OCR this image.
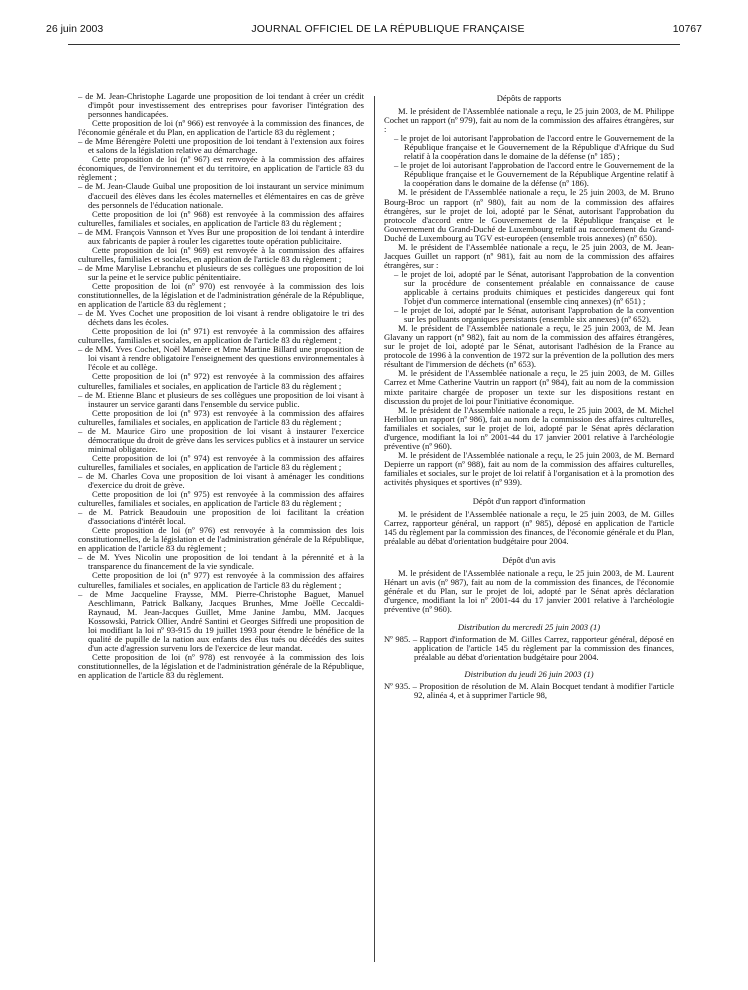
26 juin 2003	JOURNAL OFFICIEL DE LA RÉPUBLIQUE FRANÇAISE	10767

– de M. Jean-Christophe Lagarde une proposition de loi tendant à créer un crédit d'impôt pour investissement des entreprises pour favoriser l'intégration des personnes handicapées.

Cette proposition de loi (nº 966) est renvoyée à la commission des finances, de l'économie générale et du Plan, en application de l'article 83 du règlement ;

– de Mme Bérengère Poletti une proposition de loi tendant à l'extension aux foires et salons de la législation relative au démarchage.

Cette proposition de loi (nº 967) est renvoyée à la commission des affaires économiques, de l'environnement et du territoire, en application de l'article 83 du règlement ;

– de M. Jean-Claude Guibal une proposition de loi instaurant un service minimum d'accueil des élèves dans les écoles maternelles et élémentaires en cas de grève des personnels de l'éducation nationale.

Cette proposition de loi (nº 968) est renvoyée à la commission des affaires culturelles, familiales et sociales, en application de l'article 83 du règlement ;

– de MM. François Vannson et Yves Bur une proposition de loi tendant à interdire aux fabricants de papier à rouler les cigarettes toute opération publicitaire.

Cette proposition de loi (nº 969) est renvoyée à la commission des affaires culturelles, familiales et sociales, en application de l'article 83 du règlement ;

– de Mme Marylise Lebranchu et plusieurs de ses collègues une proposition de loi sur la peine et le service public pénitentiaire.

Cette proposition de loi (nº 970) est renvoyée à la commission des lois constitutionnelles, de la législation et de l'administration générale de la République, en application de l'article 83 du règlement ;

– de M. Yves Cochet une proposition de loi visant à rendre obligatoire le tri des déchets dans les écoles.

Cette proposition de loi (nº 971) est renvoyée à la commission des affaires culturelles, familiales et sociales, en application de l'article 83 du règlement ;

– de MM. Yves Cochet, Noël Mamère et Mme Martine Billard une proposition de loi visant à rendre obligatoire l'enseignement des questions environnementales à l'école et au collège.

Cette proposition de loi (nº 972) est renvoyée à la commission des affaires culturelles, familiales et sociales, en application de l'article 83 du règlement ;

– de M. Etienne Blanc et plusieurs de ses collègues une proposition de loi visant à instaurer un service garanti dans l'ensemble du service public.

Cette proposition de loi (nº 973) est renvoyée à la commission des affaires culturelles, familiales et sociales, en application de l'article 83 du règlement ;

– de M. Maurice Giro une proposition de loi visant à instaurer l'exercice démocratique du droit de grève dans les services publics et à instaurer un service minimal obligatoire.

Cette proposition de loi (nº 974) est renvoyée à la commission des affaires culturelles, familiales et sociales, en application de l'article 83 du règlement ;

– de M. Charles Cova une proposition de loi visant à aménager les conditions d'exercice du droit de grève.

Cette proposition de loi (nº 975) est renvoyée à la commission des affaires culturelles, familiales et sociales, en application de l'article 83 du règlement ;

– de M. Patrick Beaudouin une proposition de loi facilitant la création d'associations d'intérêt local.

Cette proposition de loi (nº 976) est renvoyée à la commission des lois constitutionnelles, de la législation et de l'administration générale de la République, en application de l'article 83 du règlement ;

– de M. Yves Nicolin une proposition de loi tendant à la pérennité et à la transparence du financement de la vie syndicale.

Cette proposition de loi (nº 977) est renvoyée à la commission des affaires culturelles, familiales et sociales, en application de l'article 83 du règlement ;

– de Mme Jacqueline Fraysse, MM. Pierre-Christophe Baguet, Manuel Aeschlimann, Patrick Balkany, Jacques Brunhes, Mme Joëlle Ceccaldi-Raynaud, M. Jean-Jacques Guillet, Mme Janine Jambu, MM. Jacques Kossowski, Patrick Ollier, André Santini et Georges Siffredi une proposition de loi modifiant la loi nº 93-915 du 19 juillet 1993 pour étendre le bénéfice de la qualité de pupille de la nation aux enfants des élus tués ou décédés des suites d'un acte d'agression survenu lors de l'exercice de leur mandat.

Cette proposition de loi (nº 978) est renvoyée à la commission des lois constitutionnelles, de la législation et de l'administration générale de la République, en application de l'article 83 du règlement.

Dépôts de rapports

M. le président de l'Assemblée nationale a reçu, le 25 juin 2003, de M. Philippe Cochet un rapport (nº 979), fait au nom de la commission des affaires étrangères, sur :

– le projet de loi autorisant l'approbation de l'accord entre le Gouvernement de la République française et le Gouvernement de la République d'Afrique du Sud relatif à la coopération dans le domaine de la défense (nº 185) ;

– le projet de loi autorisant l'approbation de l'accord entre le Gouvernement de la République française et le Gouvernement de la République Argentine relatif à la coopération dans le domaine de la défense (nº 186).

M. le président de l'Assemblée nationale a reçu, le 25 juin 2003, de M. Bruno Bourg-Broc un rapport (nº 980), fait au nom de la commission des affaires étrangères, sur le projet de loi, adopté par le Sénat, autorisant l'approbation du protocole d'accord entre le Gouvernement de la République française et le Gouvernement du Grand-Duché de Luxembourg relatif au raccordement du Grand-Duché de Luxembourg au TGV est-européen (ensemble trois annexes) (nº 650).

M. le président de l'Assemblée nationale a reçu, le 25 juin 2003, de M. Jean-Jacques Guillet un rapport (nº 981), fait au nom de la commission des affaires étrangères, sur :

– le projet de loi, adopté par le Sénat, autorisant l'approbation de la convention sur la procédure de consentement préalable en connaissance de cause applicable à certains produits chimiques et pesticides dangereux qui font l'objet d'un commerce international (ensemble cinq annexes) (nº 651) ;

– le projet de loi, adopté par le Sénat, autorisant l'approbation de la convention sur les polluants organiques persistants (ensemble six annexes) (nº 652).

M. le président de l'Assemblée nationale a reçu, le 25 juin 2003, de M. Jean Glavany un rapport (nº 982), fait au nom de la commission des affaires étrangères, sur le projet de loi, adopté par le Sénat, autorisant l'adhésion de la France au protocole de 1996 à la convention de 1972 sur la prévention de la pollution des mers résultant de l'immersion de déchets (nº 653).

M. le président de l'Assemblée nationale a reçu, le 25 juin 2003, de M. Gilles Carrez et Mme Catherine Vautrin un rapport (nº 984), fait au nom de la commission mixte paritaire chargée de proposer un texte sur les dispositions restant en discussion du projet de loi pour l'initiative économique.

M. le président de l'Assemblée nationale a reçu, le 25 juin 2003, de M. Michel Herbillon un rapport (nº 986), fait au nom de la commission des affaires culturelles, familiales et sociales, sur le projet de loi, adopté par le Sénat après déclaration d'urgence, modifiant la loi nº 2001-44 du 17 janvier 2001 relative à l'archéologie préventive (nº 960).

M. le président de l'Assemblée nationale a reçu, le 25 juin 2003, de M. Bernard Depierre un rapport (nº 988), fait au nom de la commission des affaires culturelles, familiales et sociales, sur le projet de loi relatif à l'organisation et à la promotion des activités physiques et sportives (nº 939).

Dépôt d'un rapport d'information

M. le président de l'Assemblée nationale a reçu, le 25 juin 2003, de M. Gilles Carrez, rapporteur général, un rapport (nº 985), déposé en application de l'article 145 du règlement par la commission des finances, de l'économie générale et du Plan, préalable au débat d'orientation budgétaire pour 2004.

Dépôt d'un avis

M. le président de l'Assemblée nationale a reçu, le 25 juin 2003, de M. Laurent Hénart un avis (nº 987), fait au nom de la commission des finances, de l'économie générale et du Plan, sur le projet de loi, adopté par le Sénat après déclaration d'urgence, modifiant la loi nº 2001-44 du 17 janvier 2001 relative à l'archéologie préventive (nº 960).

Distribution du mercredi 25 juin 2003 (1)

Nº 985. – Rapport d'information de M. Gilles Carrez, rapporteur général, déposé en application de l'article 145 du règlement par la commission des finances, préalable au débat d'orientation budgétaire pour 2004.

Distribution du jeudi 26 juin 2003 (1)

Nº 935. – Proposition de résolution de M. Alain Bocquet tendant à modifier l'article 92, alinéa 4, et à supprimer l'article 98,
